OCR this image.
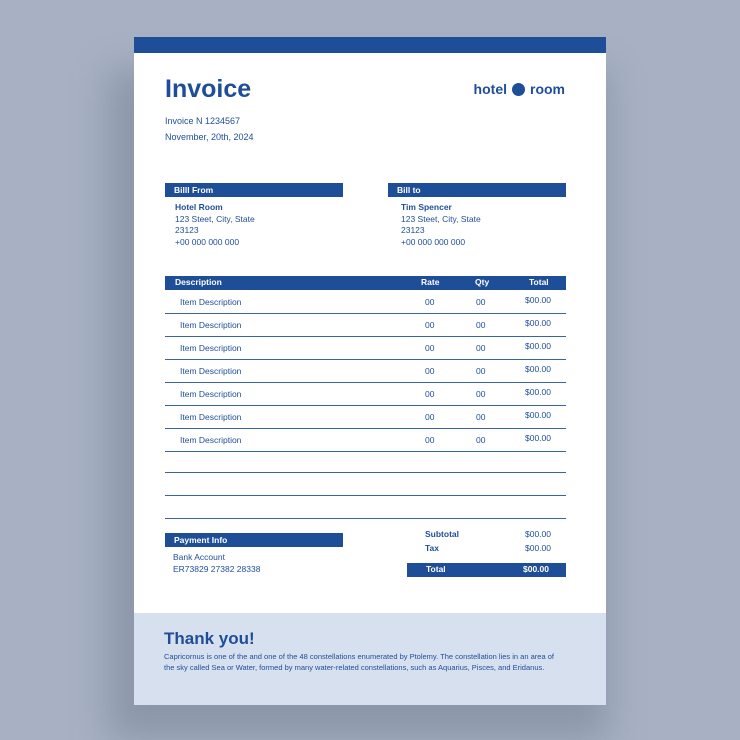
Invoice	hotel room
Invoice N 1234567
November, 20th, 2024
Billl From
Hotel Room
123 Steet, City, State
23123
+00 000 000 000
Bill to
Tim Spencer
123 Steet, City, State
23123
+00 000 000 000
Description	Rate	Qty	Total
Item Description	00	00	$00.00
Item Description	00	00	$00.00
Item Description	00	00	$00.00
Item Description	00	00	$00.00
Item Description	00	00	$00.00
Item Description	00	00	$00.00
Item Description	00	00	$00.00
Payment Info
Bank Account
ER73829 27382 28338
Subtotal	$00.00
Tax	$00.00
Total	$00.00
Thank you!
Capricornus is one of the and one of the 48 constellations enumerated by Ptolemy. The constellation lies in an area of the sky called Sea or Water, formed by many water-related constellations, such as Aquarius, Pisces, and Eridanus.
